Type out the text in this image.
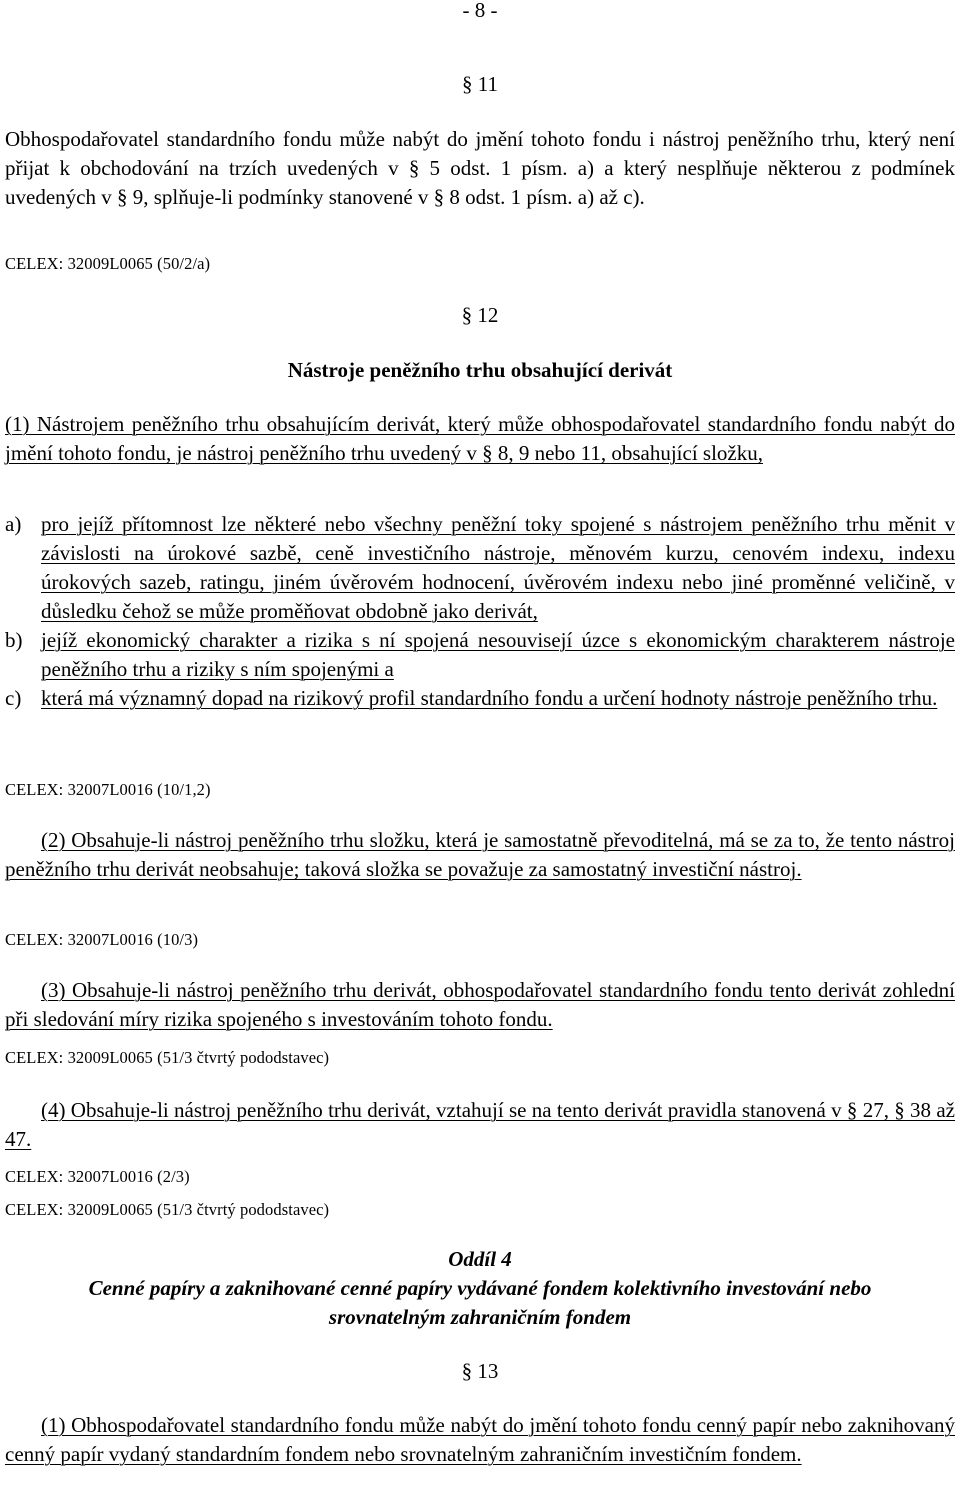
- 8 -
§ 11
Obhospodařovatel standardního fondu může nabýt do jmění tohoto fondu i nástroj peněžního trhu, který není přijat k obchodování na trzích uvedených v § 5 odst. 1 písm. a) a který nesplňuje některou z podmínek uvedených v § 9, splňuje-li podmínky stanovené v § 8 odst. 1 písm. a) až c).
CELEX: 32009L0065 (50/2/a)
§ 12
Nástroje peněžního trhu obsahující derivát
(1) Nástrojem peněžního trhu obsahujícím derivát, který může obhospodařovatel standardního fondu nabýt do jmění tohoto fondu, je nástroj peněžního trhu uvedený v § 8, 9 nebo 11, obsahující složku,
a) pro jejíž přítomnost lze některé nebo všechny peněžní toky spojené s nástrojem peněžního trhu měnit v závislosti na úrokové sazbě, ceně investičního nástroje, měnovém kurzu, cenovém indexu, indexu úrokových sazeb, ratingu, jiném úvěrovém hodnocení, úvěrovém indexu nebo jiné proměnné veličině, v důsledku čehož se může proměňovat obdobně jako derivát,
b) jejíž ekonomický charakter a rizika s ní spojená nesouvisejí úzce s ekonomickým charakterem nástroje peněžního trhu a riziky s ním spojenými a
c) která má významný dopad na rizikový profil standardního fondu a určení hodnoty nástroje peněžního trhu.
CELEX: 32007L0016 (10/1,2)
(2) Obsahuje-li nástroj peněžního trhu složku, která je samostatně převoditelná, má se za to, že tento nástroj peněžního trhu derivát neobsahuje; taková složka se považuje za samostatný investiční nástroj.
CELEX: 32007L0016 (10/3)
(3) Obsahuje-li nástroj peněžního trhu derivát, obhospodařovatel standardního fondu tento derivát zohlední při sledování míry rizika spojeného s investováním tohoto fondu.
CELEX: 32009L0065 (51/3 čtvrtý pododstavec)
(4) Obsahuje-li nástroj peněžního trhu derivát, vztahují se na tento derivát pravidla stanovená v § 27, § 38 až 47.
CELEX: 32007L0016 (2/3)
CELEX: 32009L0065 (51/3 čtvrtý pododstavec)
Oddíl 4
Cenné papíry a zaknihované cenné papíry vydávané fondem kolektivního investování nebo
srovnatelným zahraničním fondem
§ 13
(1) Obhospodařovatel standardního fondu může nabýt do jmění tohoto fondu cenný papír nebo zaknihovaný cenný papír vydaný standardním fondem nebo srovnatelným zahraničním investičním fondem.
